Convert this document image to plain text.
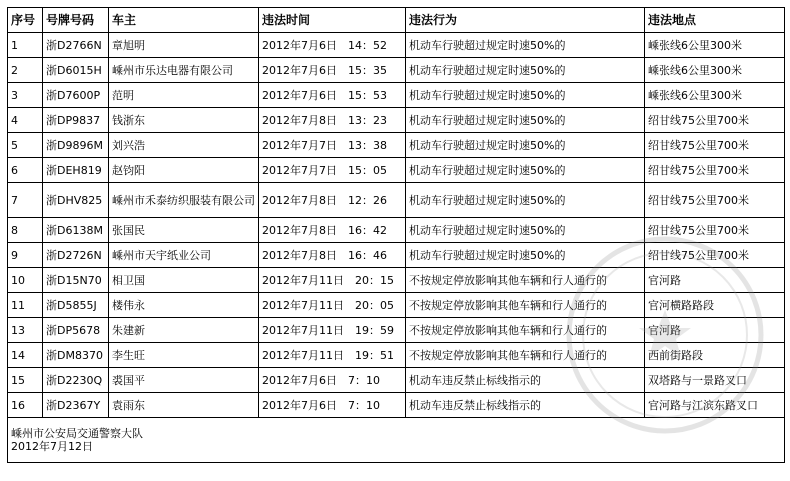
序号	号牌号码	车主	违法时间	违法行为	违法地点
1	浙D2766N	章旭明	2012年7月6日　14：52	机动车行驶超过规定时速50%的	嵊张线6公里300米
2	浙D6015H	嵊州市乐达电器有限公司	2012年7月6日　15：35	机动车行驶超过规定时速50%的	嵊张线6公里300米
3	浙D7600P	范明	2012年7月6日　15：53	机动车行驶超过规定时速50%的	嵊张线6公里300米
4	浙DP9837	钱浙东	2012年7月8日　13：23	机动车行驶超过规定时速50%的	绍甘线75公里700米
5	浙D9896M	刘兴浩	2012年7月7日　13：38	机动车行驶超过规定时速50%的	绍甘线75公里700米
6	浙DEH819	赵钧阳	2012年7月7日　15：05	机动车行驶超过规定时速50%的	绍甘线75公里700米
7	浙DHV825	嵊州市禾泰纺织服装有限公司	2012年7月8日　12：26	机动车行驶超过规定时速50%的	绍甘线75公里700米
8	浙D6138M	张国民	2012年7月8日　16：42	机动车行驶超过规定时速50%的	绍甘线75公里700米
9	浙D2726N	嵊州市天宇纸业公司	2012年7月8日　16：46	机动车行驶超过规定时速50%的	绍甘线75公里700米
10	浙D15N70	相卫国	2012年7月11日　20：15	不按规定停放影响其他车辆和行人通行的	官河路
11	浙D5855J	楼伟永	2012年7月11日　20：05	不按规定停放影响其他车辆和行人通行的	官河横路路段
13	浙DP5678	朱建新	2012年7月11日　19：59	不按规定停放影响其他车辆和行人通行的	官河路
14	浙DM8370	李生旺	2012年7月11日　19：51	不按规定停放影响其他车辆和行人通行的	西前街路段
15	浙D2230Q	裘国平	2012年7月6日　7：10	机动车违反禁止标线指示的	双塔路与一景路叉口
16	浙D2367Y	袁雨东	2012年7月6日　7：10	机动车违反禁止标线指示的	官河路与江滨东路叉口

嵊州市公安局交通警察大队
2012年7月12日					
